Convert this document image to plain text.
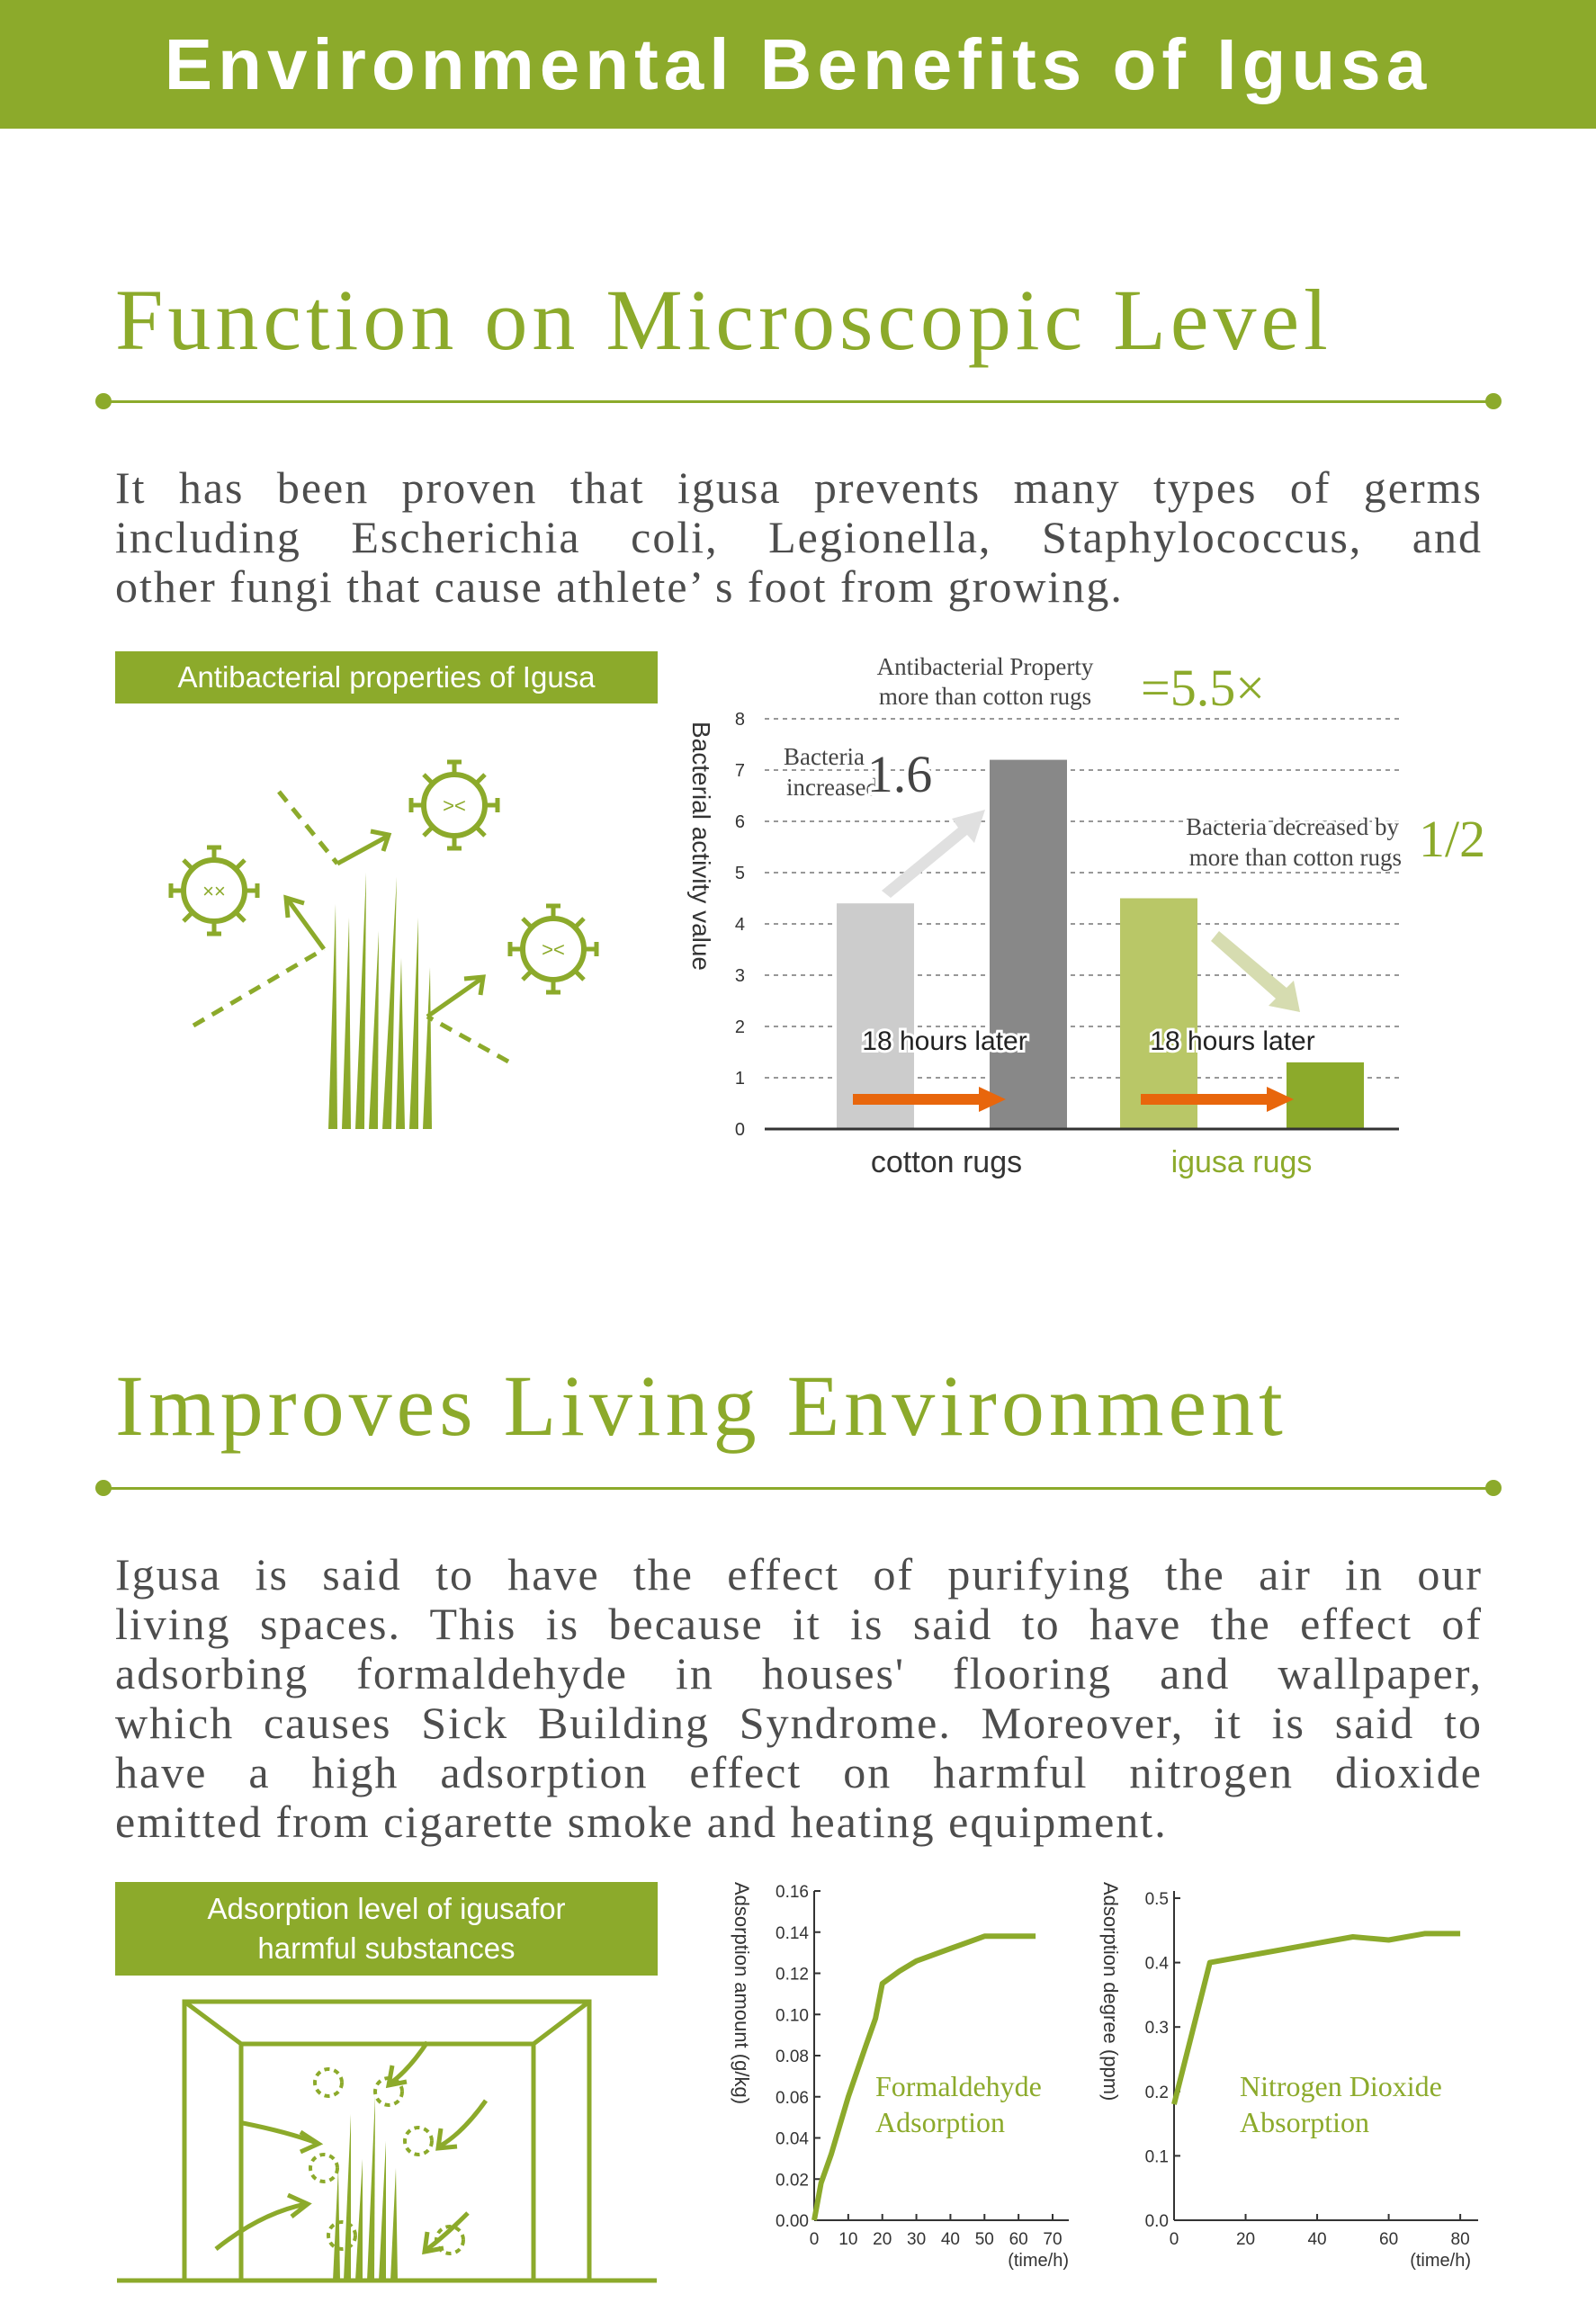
Environmental Benefits of Igusa
Function on Microscopic Level
It has been proven that igusa prevents many types of germs
including Escherichia coli, Legionella, Staphylococcus, and
other fungi that cause athlete’ s foot from growing.
Antibacterial properties of Igusa
><
××
><	Bacterial activity value
0
1
2
3
4
5
6
7
8
18 hours later	18 hours later
Bacteria
increased
1.6
Bacteria decreased by
more than cotton rugs 1/2
Antibacterial Property
more than cotton rugs =5.5×
cotton rugs	igusa rugs
Improves Living Environment
Igusa is said to have the effect of purifying the air in our
living spaces. This is because it is said to have the effect of
adsorbing formaldehyde in houses' flooring and wallpaper,
which causes Sick Building Syndrome. Moreover, it is said to
have a high adsorption effect on harmful nitrogen dioxide
emitted from cigarette smoke and heating equipment.
Adsorption level of igusafor
harmful substances	Adsorption amount (g/kg)
0.00
0.02
0.04
0.06
0.08
0.10
0.12
0.14
0.16
0 10 20 30 40 50 60 70
Formaldehyde
Adsorption
(time/h)
Adsorption degree (ppm)
0.0
0.1
0.2
0.3
0.4
0.5
0	20	40	60	80
Nitrogen Dioxide
Absorption
(time/h)
